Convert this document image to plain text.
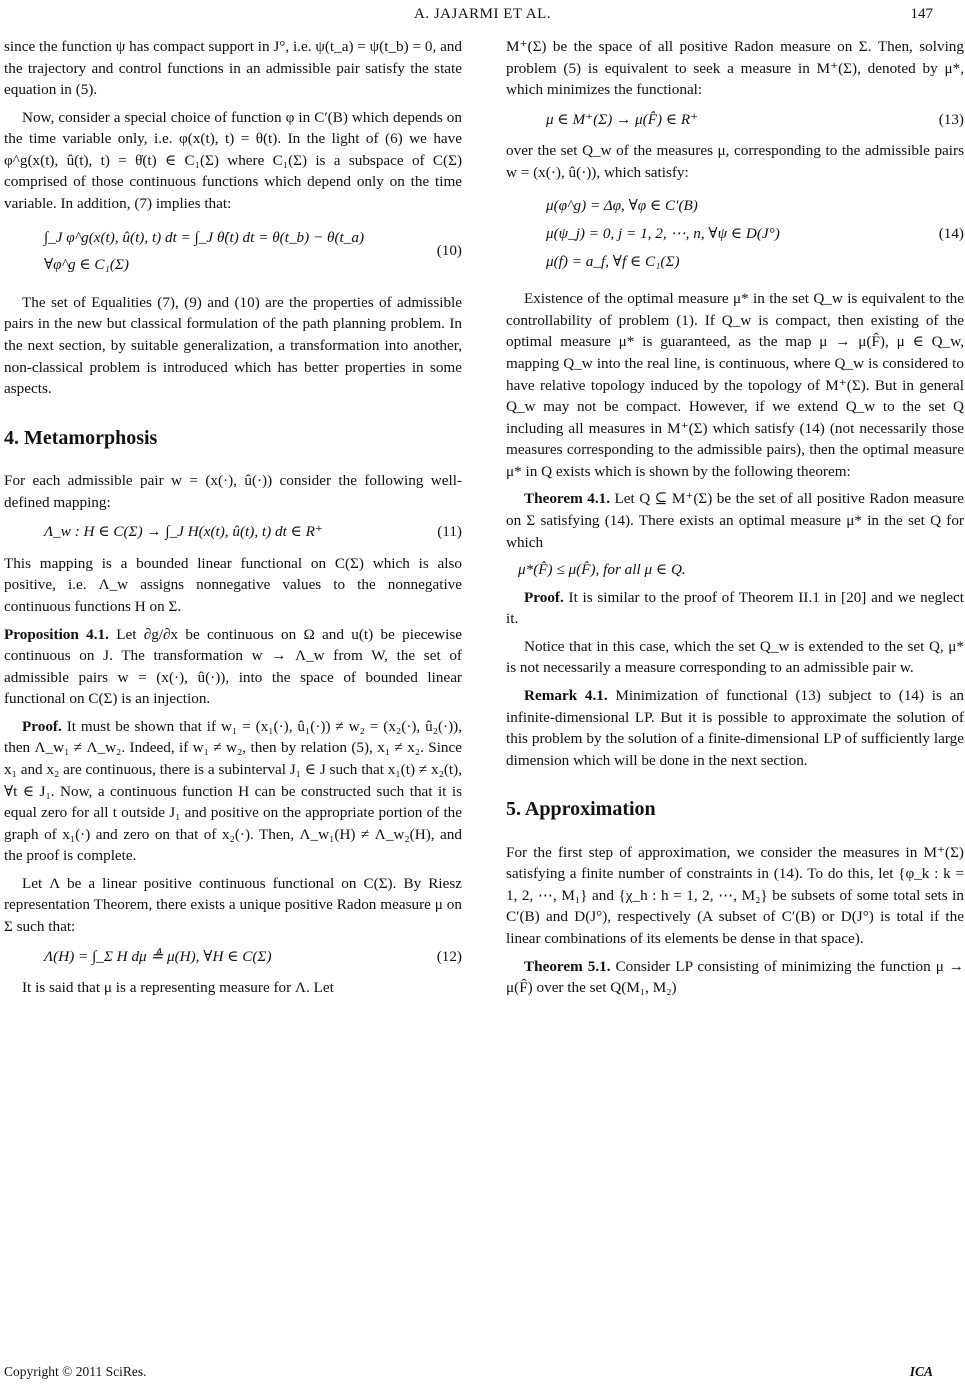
A. JAJARMI ET AL.	147

since the function ψ has compact support in J°, i.e. ψ(t_a) = ψ(t_b) = 0, and the trajectory and control functions in an admissible pair satisfy the state equation in (5).

Now, consider a special choice of function φ in C′(B) which depends on the time variable only, i.e. φ(x(t), t) = θ(t). In the light of (6) we have φ^g(x(t), û(t), t) = θ̇(t) ∈ C₁(Σ) where C₁(Σ) is a subspace of C(Σ) comprised of those continuous functions which depend only on the time variable. In addition, (7) implies that:

∫_J φ^g(x(t), û(t), t) dt = ∫_J θ̇(t) dt = θ(t_b) − θ(t_a)
∀φ^g ∈ C₁(Σ)
(10)

The set of Equalities (7), (9) and (10) are the properties of admissible pairs in the new but classical formulation of the path planning problem. In the next section, by suitable generalization, a transformation into another, non-classical problem is introduced which has better properties in some aspects.

4. Metamorphosis

For each admissible pair w = (x(·), û(·)) consider the following well-defined mapping:

Λ_w : H ∈ C(Σ) → ∫_J H(x(t), û(t), t) dt ∈ R⁺	(11)

This mapping is a bounded linear functional on C(Σ) which is also positive, i.e. Λ_w assigns nonnegative values to the nonnegative continuous functions H on Σ.

Proposition 4.1. Let ∂g/∂x be continuous on Ω and u(t) be piecewise continuous on J. The transformation w → Λ_w from W, the set of admissible pairs w = (x(·), û(·)), into the space of bounded linear functional on C(Σ) is an injection.

Proof. It must be shown that if w₁ = (x₁(·), û₁(·)) ≠ w₂ = (x₂(·), û₂(·)), then Λ_w₁ ≠ Λ_w₂. Indeed, if w₁ ≠ w₂, then by relation (5), x₁ ≠ x₂. Since x₁ and x₂ are continuous, there is a subinterval J₁ ∈ J such that x₁(t) ≠ x₂(t), ∀t ∈ J₁. Now, a continuous function H can be constructed such that it is equal zero for all t outside J₁ and positive on the appropriate portion of the graph of x₁(·) and zero on that of x₂(·). Then, Λ_w₁(H) ≠ Λ_w₂(H), and the proof is complete.

Let Λ be a linear positive continuous functional on C(Σ). By Riesz representation Theorem, there exists a unique positive Radon measure μ on Σ such that:

Λ(H) = ∫_Σ H dμ ≜ μ(H), ∀H ∈ C(Σ)	(12)

It is said that μ is a representing measure for Λ. Let

M⁺(Σ) be the space of all positive Radon measure on Σ. Then, solving problem (5) is equivalent to seek a measure in M⁺(Σ), denoted by μ*, which minimizes the functional:

μ ∈ M⁺(Σ) → μ(F̂) ∈ R⁺	(13)

over the set Q_w of the measures μ, corresponding to the admissible pairs w = (x(·), û(·)), which satisfy:

μ(φ^g) = Δφ, ∀φ ∈ C′(B)
μ(ψ_j) = 0, j = 1, 2, ⋯, n, ∀ψ ∈ D(J°)
μ(f) = a_f, ∀f ∈ C₁(Σ)
(14)

Existence of the optimal measure μ* in the set Q_w is equivalent to the controllability of problem (1). If Q_w is compact, then existing of the optimal measure μ* is guaranteed, as the map μ → μ(F̂), μ ∈ Q_w, mapping Q_w into the real line, is continuous, where Q_w is considered to have relative topology induced by the topology of M⁺(Σ). But in general Q_w may not be compact. However, if we extend Q_w to the set Q including all measures in M⁺(Σ) which satisfy (14) (not necessarily those measures corresponding to the admissible pairs), then the optimal measure μ* in Q exists which is shown by the following theorem:

Theorem 4.1. Let Q ⊆ M⁺(Σ) be the set of all positive Radon measure on Σ satisfying (14). There exists an optimal measure μ* in the set Q for which

μ*(F̂) ≤ μ(F̂), for all μ ∈ Q.

Proof. It is similar to the proof of Theorem II.1 in [20] and we neglect it.

Notice that in this case, which the set Q_w is extended to the set Q, μ* is not necessarily a measure corresponding to an admissible pair w.

Remark 4.1. Minimization of functional (13) subject to (14) is an infinite-dimensional LP. But it is possible to approximate the solution of this problem by the solution of a finite-dimensional LP of sufficiently large dimension which will be done in the next section.

5. Approximation

For the first step of approximation, we consider the measures in M⁺(Σ) satisfying a finite number of constraints in (14). To do this, let {φ_k : k = 1, 2, ⋯, M₁} and {χ_h : h = 1, 2, ⋯, M₂} be subsets of some total sets in C′(B) and D(J°), respectively (A subset of C′(B) or D(J°) is total if the linear combinations of its elements be dense in that space).

Theorem 5.1. Consider LP consisting of minimizing the function μ → μ(F̂) over the set Q(M₁, M₂)

Copyright © 2011 SciRes.	ICA
